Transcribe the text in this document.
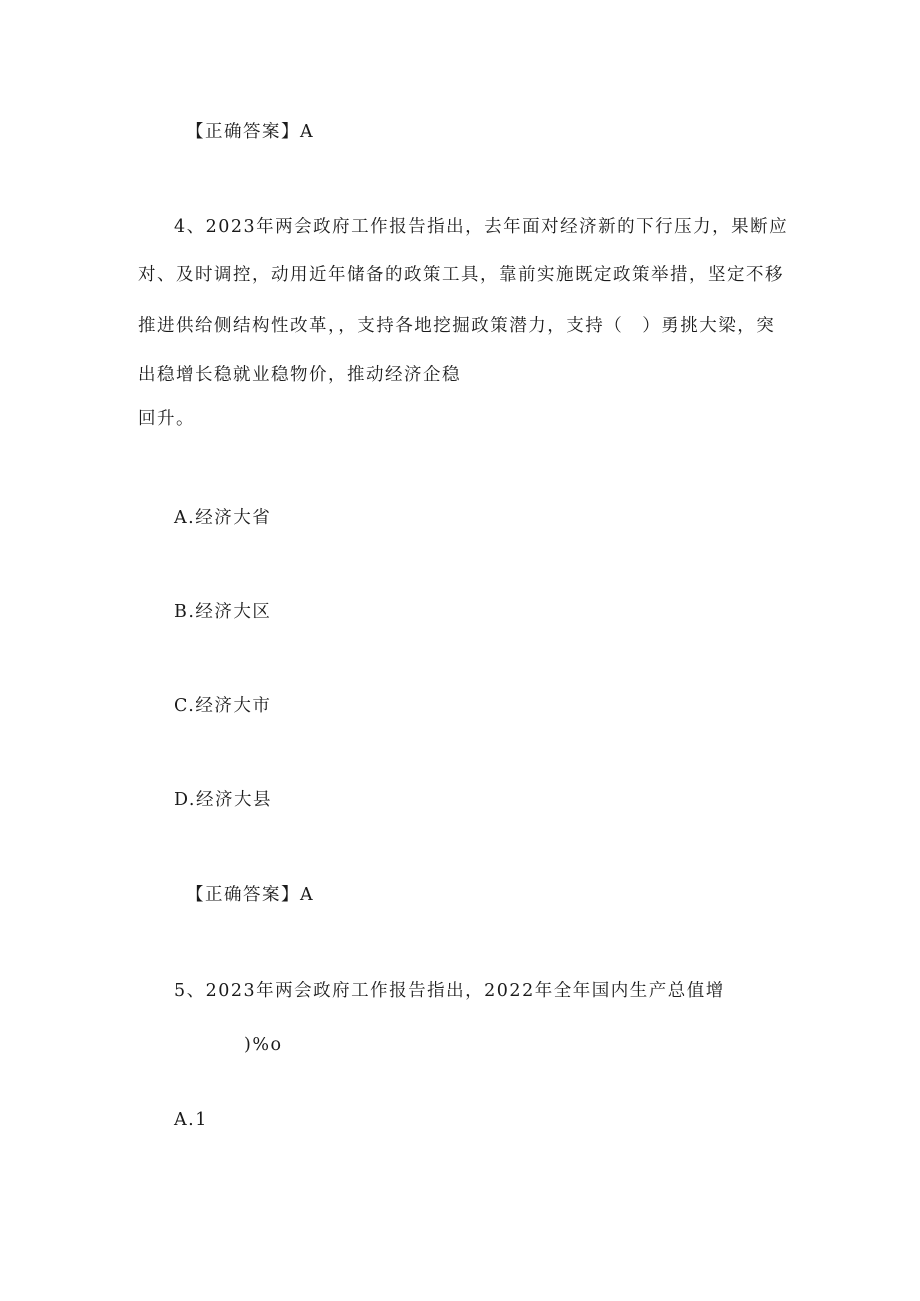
【正确答案】A
4、2023年两会政府工作报告指出，去年面对经济新的下行压力，果断应
对、及时调控，动用近年储备的政策工具，靠前实施既定政策举措，坚定不移
推进供给侧结构性改革，，支持各地挖掘政策潜力，支持（　）勇挑大梁，突
出稳增长稳就业稳物价，推动经济企稳
回升。
A.经济大省
B.经济大区
C.经济大市
D.经济大县
【正确答案】A
5、2023年两会政府工作报告指出，2022年全年国内生产总值增
)%o
A.1
